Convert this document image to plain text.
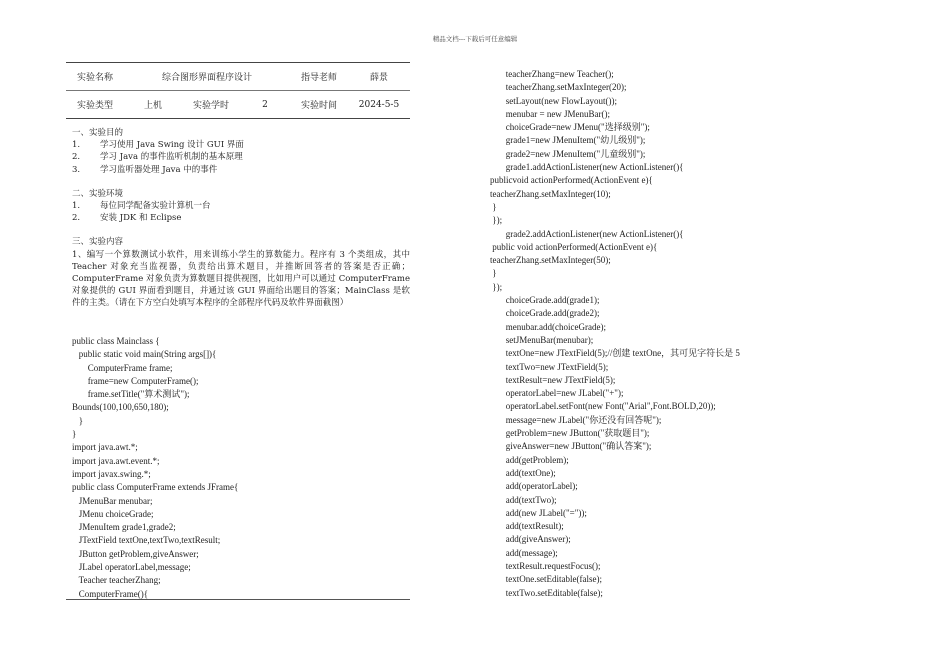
精品文档---下载后可任意编辑
实验名称	综合图形界面程序设计			指导老师	薛景
实验类型	上机	实验学时	2	实验时间	2024-5-5
一、实验目的
1. 学习使用 Java Swing 设计 GUI 界面
2. 学习 Java 的事件监听机制的基本原理
3. 学习监听器处理 Java 中的事件
二、实验环境
1. 每位同学配备实验计算机一台
2. 安装 JDK 和 Eclipse
三、实验内容
1、编写一个算数测试小软件，用来训练小学生的算数能力。程序有 3 个类组成，其中 Teacher 对象充当监视器，负责给出算术题目，并推断回答者的答案是否正确；ComputerFrame 对象负责为算数题目提供视图，比如用户可以通过 ComputerFrame 对象提供的 GUI 界面看到题目，并通过该 GUI 界面给出题目的答案；MainClass 是软件的主类。（请在下方空白处填写本程序的全部程序代码及软件界面截图）
public class Mainclass {
public static void main(String args[]){
ComputerFrame frame;
frame=new ComputerFrame();
frame.setTitle("算术测试");
Bounds(100,100,650,180);
}
}
import java.awt.*;
import java.awt.event.*;
import javax.swing.*;
public class ComputerFrame extends JFrame{
JMenuBar menubar;
JMenu choiceGrade;
JMenuItem grade1,grade2;
JTextField textOne,textTwo,textResult;
JButton getProblem,giveAnswer;
JLabel operatorLabel,message;
Teacher teacherZhang;
ComputerFrame(){
teacherZhang=new Teacher();
teacherZhang.setMaxInteger(20);
setLayout(new FlowLayout());
menubar = new JMenuBar();
choiceGrade=new JMenu("选择级别");
grade1=new JMenuItem("幼儿级别");
grade2=new JMenuItem("儿童级别");
grade1.addActionListener(new ActionListener(){
publicvoid actionPerformed(ActionEvent e){
teacherZhang.setMaxInteger(10);
}
});
grade2.addActionListener(new ActionListener(){
public void actionPerformed(ActionEvent e){
teacherZhang.setMaxInteger(50);
}
});
choiceGrade.add(grade1);
choiceGrade.add(grade2);
menubar.add(choiceGrade);
setJMenuBar(menubar);
textOne=new JTextField(5);//创建 textOne，其可见字符长是 5
textTwo=new JTextField(5);
textResult=new JTextField(5);
operatorLabel=new JLabel("+");
operatorLabel.setFont(new Font("Arial",Font.BOLD,20));
message=new JLabel("你还没有回答呢");
getProblem=new JButton("获取题目");
giveAnswer=new JButton("确认答案");
add(getProblem);
add(textOne);
add(operatorLabel);
add(textTwo);
add(new JLabel("="));
add(textResult);
add(giveAnswer);
add(message);
textResult.requestFocus();
textOne.setEditable(false);
textTwo.setEditable(false);
